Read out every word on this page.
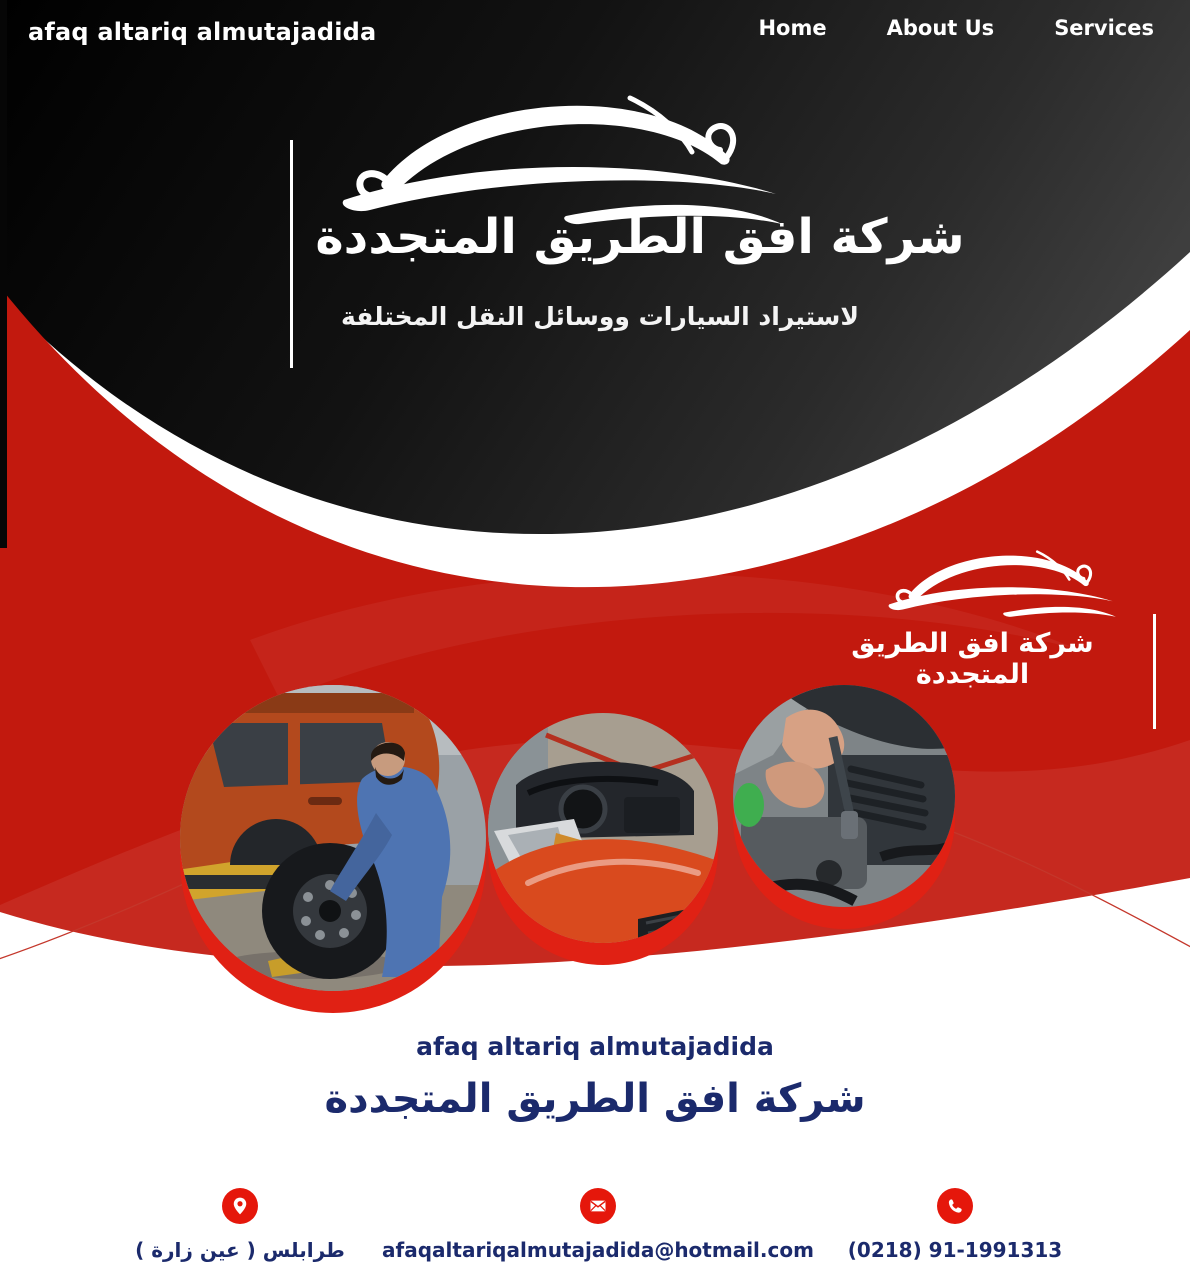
afaq altariq almutajadida	Home	About Us	Services
شركة افق الطريق المتجددة
لاستيراد السيارات ووسائل النقل المختلفة
شركة افق الطريق المتجددة
afaq altariq almutajadida
شركة افق الطريق المتجددة
طرابلس ( عين زارة ) afaqaltariqalmutajadida@hotmail.com (0218) 91-1991313
